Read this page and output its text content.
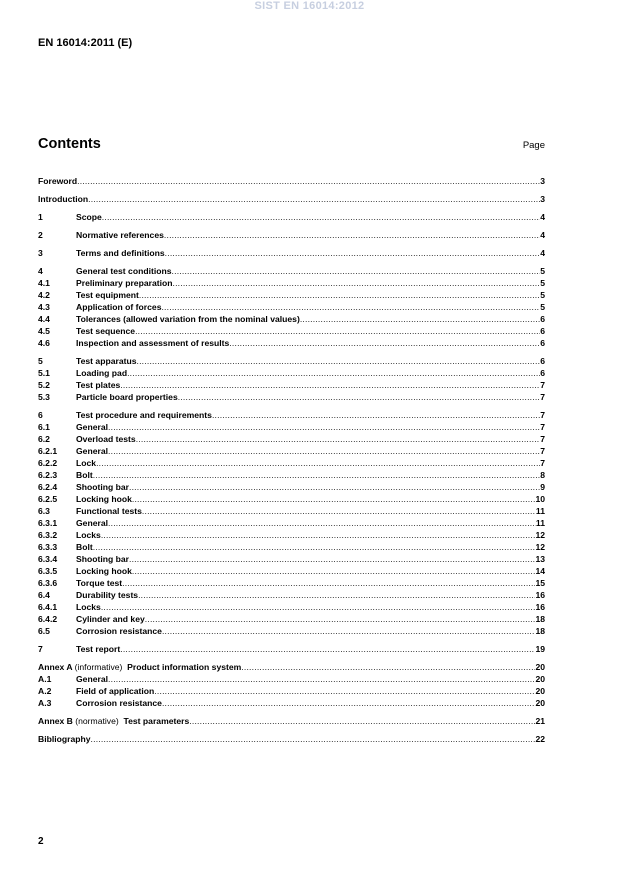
SIST EN 16014:2012
EN 16014:2011 (E)
Contents	Page
Foreword .....	3
Introduction .....	3
1	Scope .....	4
2	Normative references .....	4
3	Terms and definitions .....	4
4	General test conditions .....	5
4.1	Preliminary preparation .....	5
4.2	Test equipment .....	5
4.3	Application of forces .....	5
4.4	Tolerances (allowed variation from the nominal values) .....	6
4.5	Test sequence .....	6
4.6	Inspection and assessment of results .....	6
5	Test apparatus .....	6
5.1	Loading pad .....	6
5.2	Test plates .....	7
5.3	Particle board properties .....	7
6	Test procedure and requirements .....	7
6.1	General .....	7
6.2	Overload tests .....	7
6.2.1	General .....	7
6.2.2	Lock .....	7
6.2.3	Bolt .....	8
6.2.4	Shooting bar .....	9
6.2.5	Locking hook .....	10
6.3	Functional tests .....	11
6.3.1	General .....	11
6.3.2	Locks .....	12
6.3.3	Bolt .....	12
6.3.4	Shooting bar .....	13
6.3.5	Locking hook .....	14
6.3.6	Torque test .....	15
6.4	Durability tests .....	16
6.4.1	Locks .....	16
6.4.2	Cylinder and key .....	18
6.5	Corrosion resistance .....	18
7	Test report .....	19
Annex A (informative) Product information system .....	20
A.1	General .....	20
A.2	Field of application .....	20
A.3	Corrosion resistance .....	20
Annex B (normative) Test parameters .....	21
Bibliography .....	22
2
